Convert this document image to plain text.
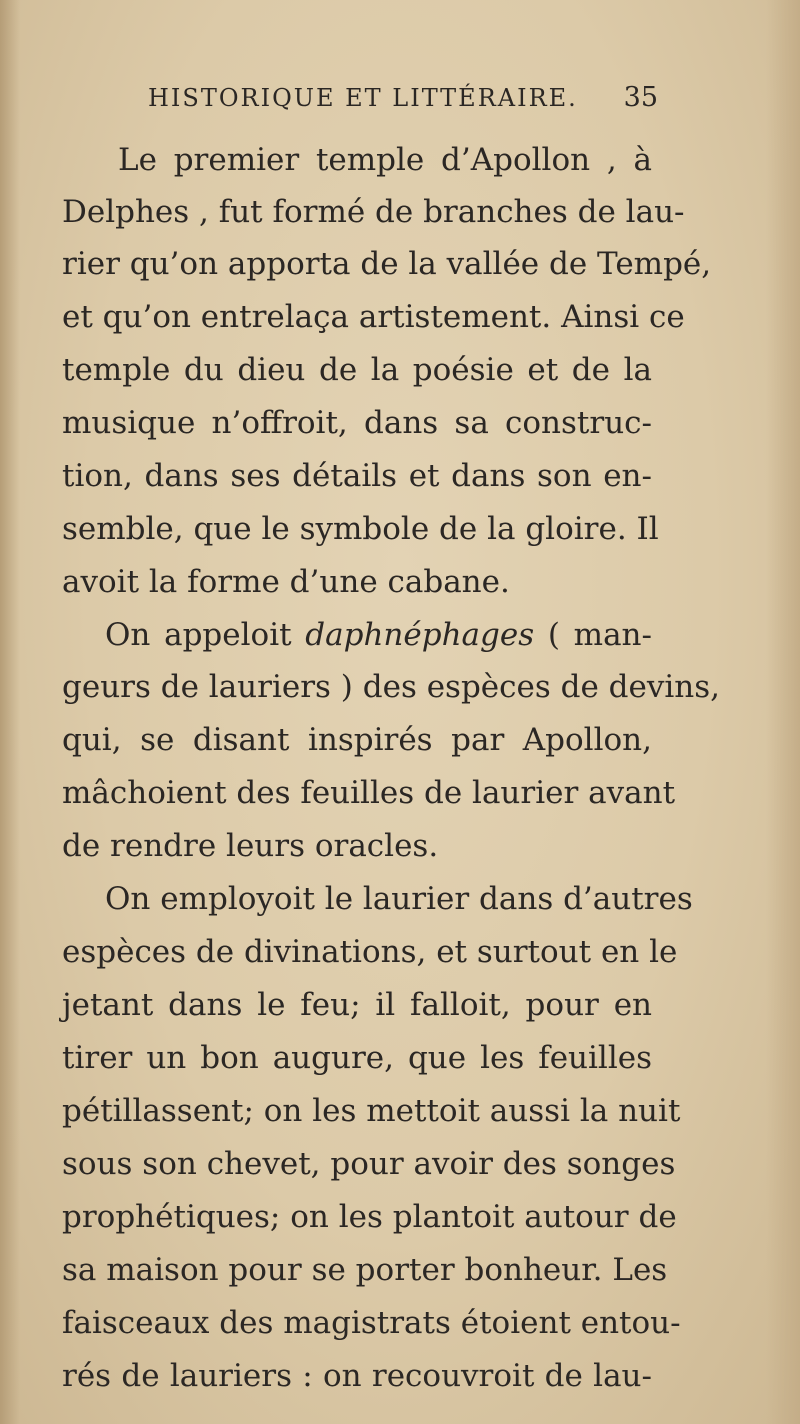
HISTORIQUE ET LITTÉRAIRE. 35
Le premier temple d’Apollon , à
Delphes , fut formé de branches de lau-
rier qu’on apporta de la vallée de Tempé,
et qu’on entrelaça artistement. Ainsi ce
temple du dieu de la poésie et de la
musique n’offroit, dans sa construc-
tion, dans ses détails et dans son en-
semble, que le symbole de la gloire. Il
avoit la forme d’une cabane.
On appeloit daphnéphages ( man-
geurs de lauriers ) des espèces de devins,
qui, se disant inspirés par Apollon,
mâchoient des feuilles de laurier avant
de rendre leurs oracles.
On employoit le laurier dans d’autres
espèces de divinations, et surtout en le
jetant dans le feu; il falloit, pour en
tirer un bon augure, que les feuilles
pétillassent; on les mettoit aussi la nuit
sous son chevet, pour avoir des songes
prophétiques; on les plantoit autour de
sa maison pour se porter bonheur. Les
faisceaux des magistrats étoient entou-
rés de lauriers : on recouvroit de lau-
